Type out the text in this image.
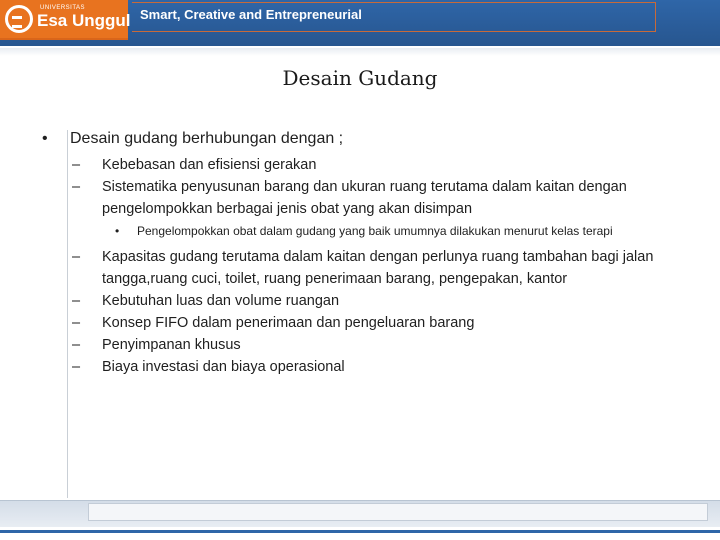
UNIVERSITAS
Esa Unggul Smart, Creative and Entrepreneurial
Desain Gudang
• Desain gudang berhubungan dengan ;
– Kebebasan dan efisiensi gerakan
– Sistematika penyusunan barang dan ukuran ruang terutama dalam kaitan dengan pengelompokkan berbagai jenis obat yang akan disimpan
• Pengelompokkan obat dalam gudang yang baik umumnya dilakukan menurut kelas terapi
– Kapasitas gudang terutama dalam kaitan dengan perlunya ruang tambahan bagi jalan tangga,ruang cuci, toilet, ruang penerimaan barang, pengepakan, kantor
– Kebutuhan luas dan volume ruangan
– Konsep FIFO dalam penerimaan dan pengeluaran barang
– Penyimpanan khusus
– Biaya investasi dan biaya operasional
